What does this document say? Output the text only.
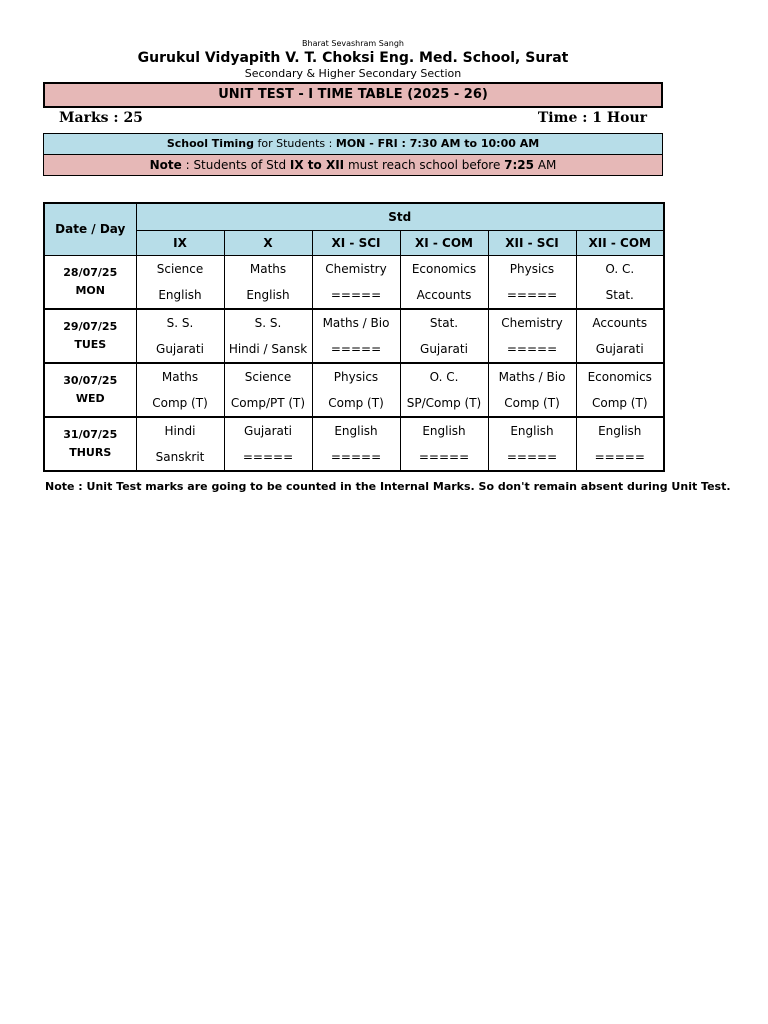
Bharat Sevashram Sangh
Gurukul Vidyapith V. T. Choksi Eng. Med. School, Surat
Secondary & Higher Secondary Section
UNIT TEST - I TIME TABLE (2025 - 26)
Marks : 25	Time : 1 Hour
School Timing for Students : MON - FRI : 7:30 AM to 10:00 AM
Note : Students of Std IX to XII must reach school before 7:25 AM
Date / Day	Std					
	IX	X	XI - SCI	XI - COM	XII - SCI	XII - COM

28/07/25
MON	Science	Maths	Chemistry	Economics	Physics	O. C.

	English	English	=====	Accounts	=====	Stat.

29/07/25
TUES	S. S.	S. S.	Maths / Bio	Stat.	Chemistry	Accounts

	Gujarati	Hindi / Sansk	=====	Gujarati	=====	Gujarati

30/07/25
WED	Maths	Science	Physics	O. C.	Maths / Bio	Economics

	Comp (T)	Comp/PT (T)	Comp (T)	SP/Comp (T)	Comp (T)	Comp (T)

31/07/25
THURS	Hindi	Gujarati	English	English	English	English

	Sanskrit	=====	=====	=====	=====	=====
Note : Unit Test marks are going to be counted in the Internal Marks. So don't remain absent during Unit Test.
